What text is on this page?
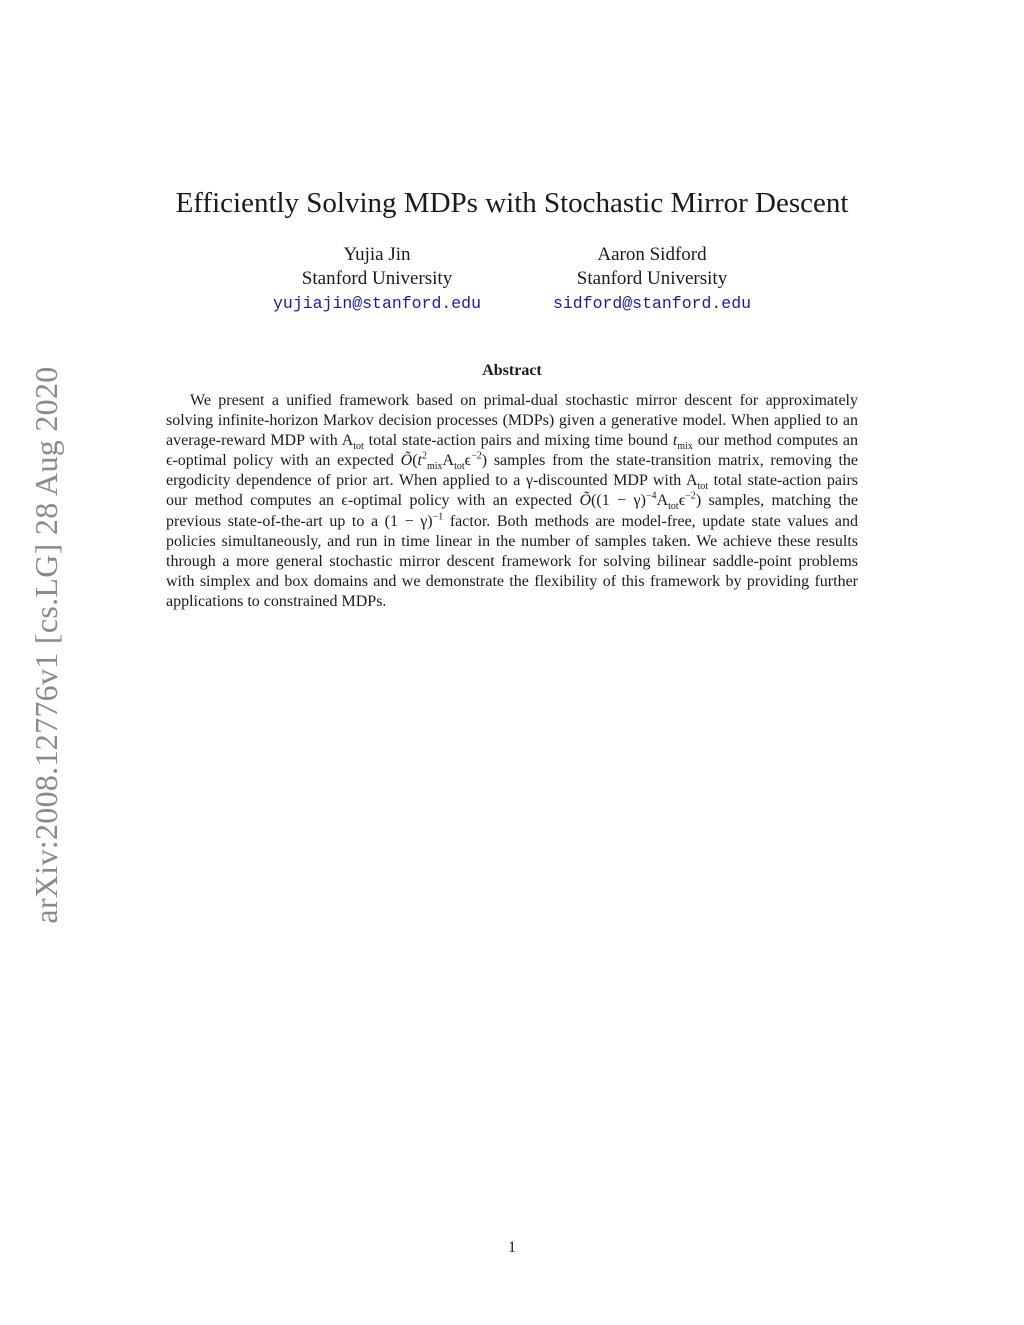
arXiv:2008.12776v1 [cs.LG] 28 Aug 2020
Efficiently Solving MDPs with Stochastic Mirror Descent
Yujia Jin
Stanford University
yujiajin@stanford.edu
Aaron Sidford
Stanford University
sidford@stanford.edu
Abstract

We present a unified framework based on primal-dual stochastic mirror descent for approximately solving infinite-horizon Markov decision processes (MDPs) given a generative model. When applied to an average-reward MDP with $A_{tot}$ total state-action pairs and mixing time bound $t_{mix}$ our method computes an ϵ-optimal policy with an expected $Õ(t^2_{mix}A_{tot}\epsilon^{-2})$ samples from the state-transition matrix, removing the ergodicity dependence of prior art. When applied to a γ-discounted MDP with $A_{tot}$ total state-action pairs our method computes an ϵ-optimal policy with an expected Õ((1 − $\gamma)^{-4}A_{tot}\epsilon^{-2}$) samples, matching the previous state-of-the-art up to a $(1 - \gamma)^{-1}$ factor. Both methods are model-free, update state values and policies simultaneously, and run in time linear in the number of samples taken. We achieve these results through a more general stochastic mirror descent framework for solving bilinear saddle-point problems with simplex and box domains and we demonstrate the flexibility of this framework by providing further applications to constrained MDPs.

1
